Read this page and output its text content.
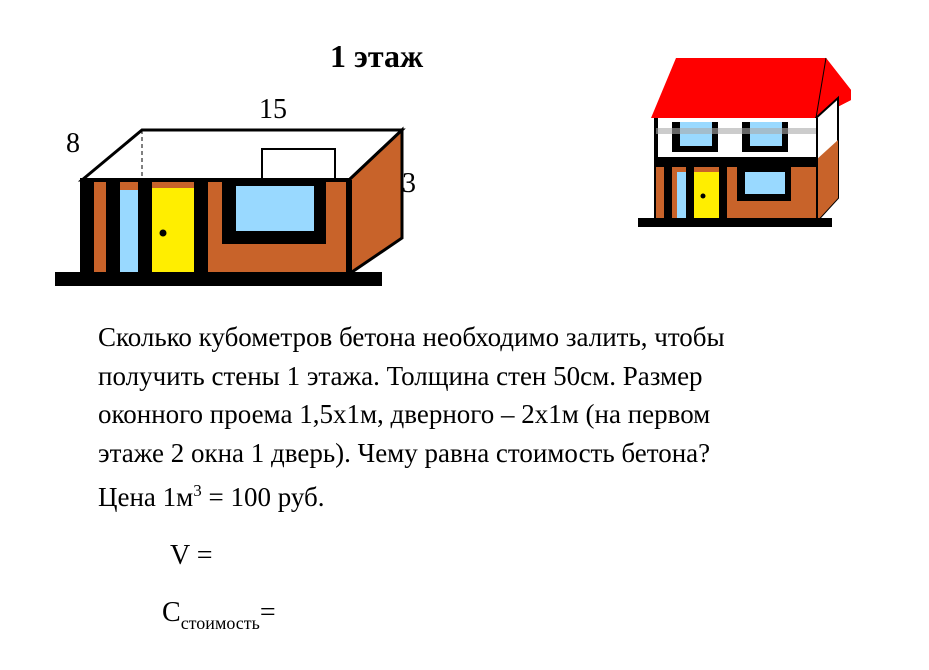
1 этаж
15
8
3
Сколько кубометров бетона необходимо залить, чтобы
получить стены 1 этажа. Толщина стен 50см. Размер
оконного проема 1,5х1м, дверного – 2х1м (на первом
этаже 2 окна 1 дверь). Чему равна стоимость бетона?
Цена $1м^3 = 100$ руб.
V =
$С_{стоимость}=$
